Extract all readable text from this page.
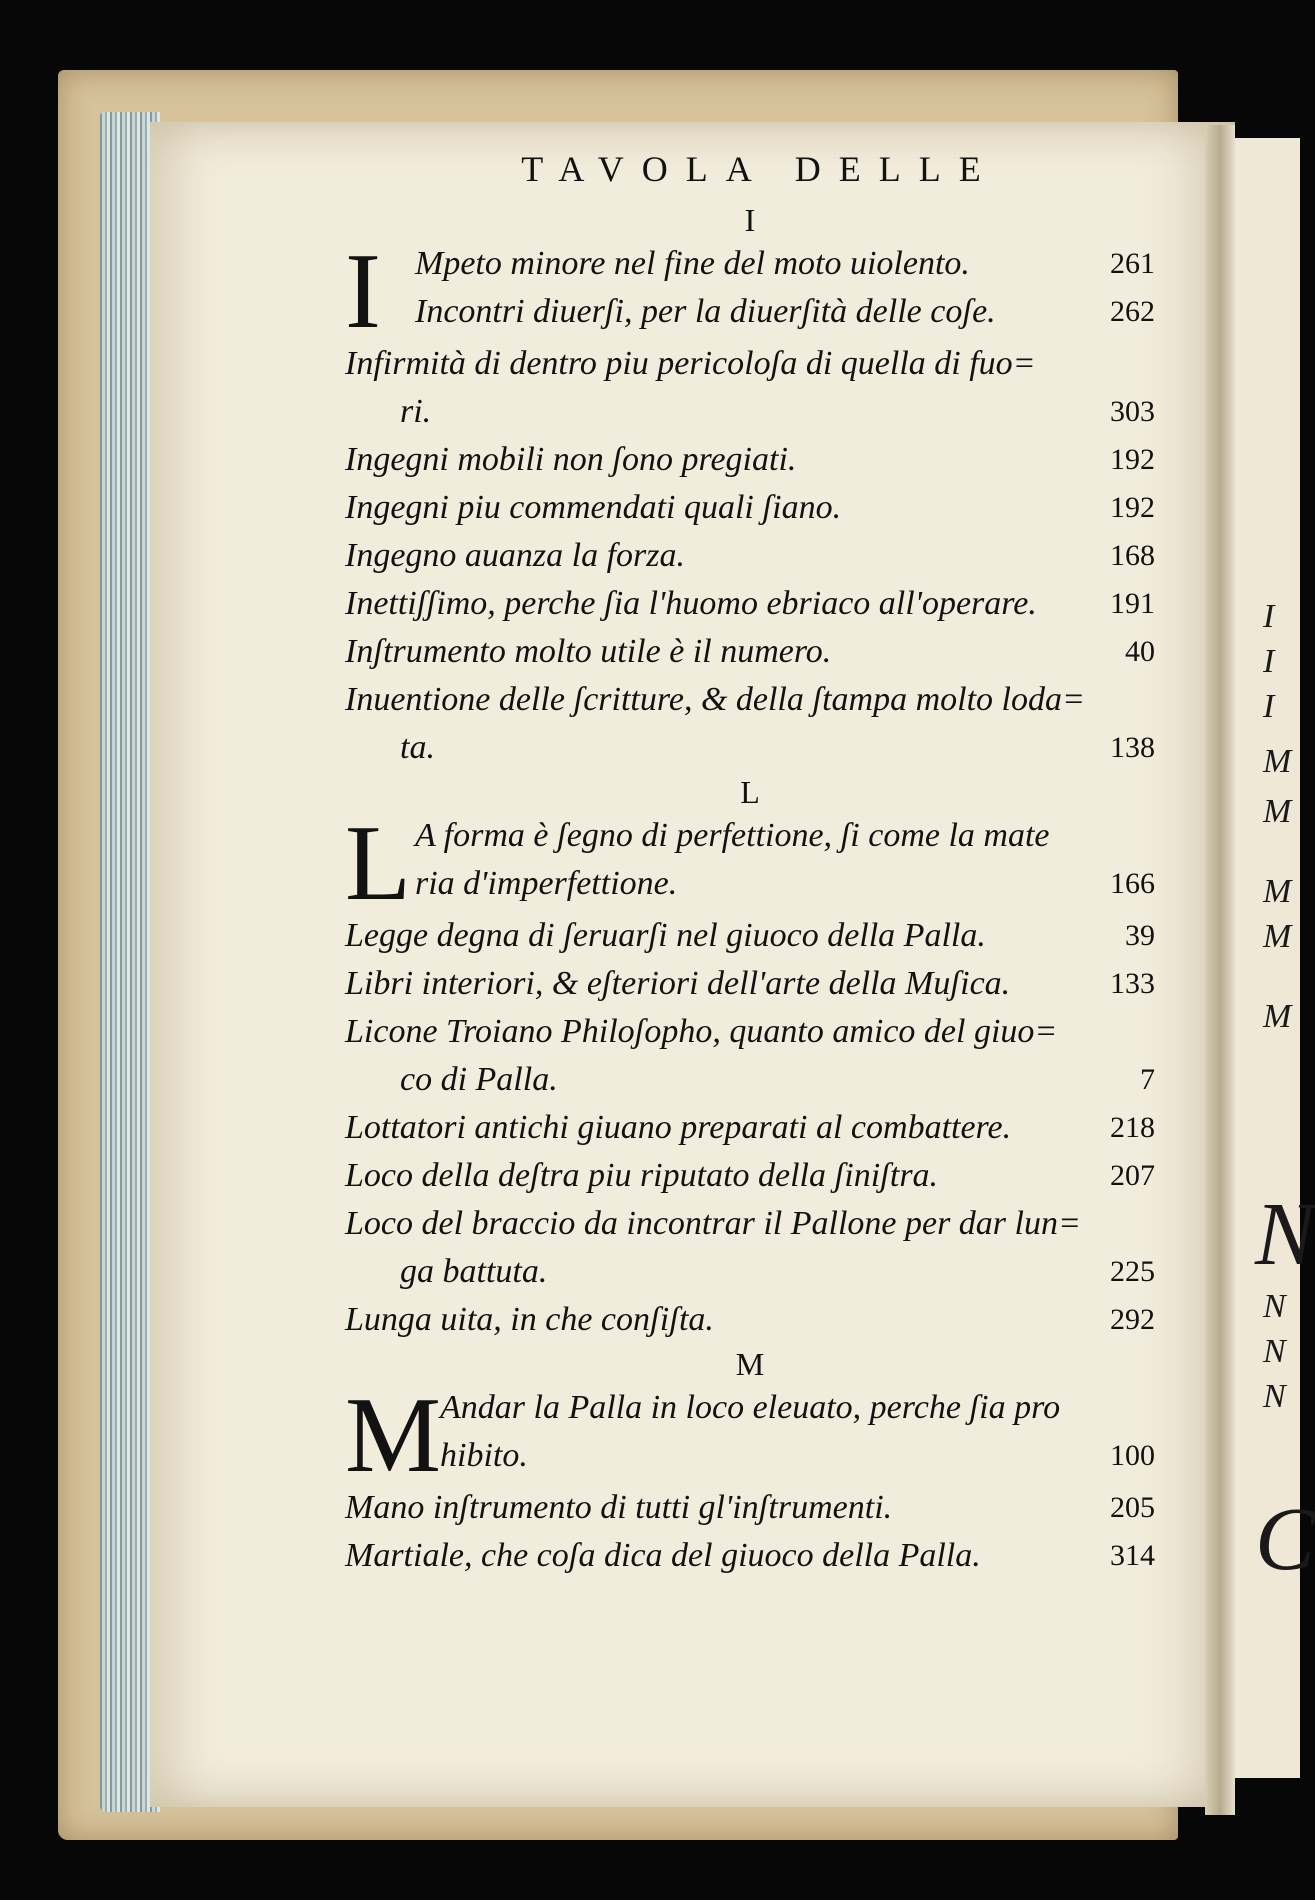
I
I
I
M
M
M
M
M
N
N
N
N
C
TAVOLA DELLE
I
I	Mpeto minore nel fine del moto uiolento.	261
Incontri diuerʃi, per la diuerʃità delle coʃe.	262
Infirmità di dentro piu pericoloʃa di quella di fuo=
ri.	303
Ingegni mobili non ʃono pregiati.	192
Ingegni piu commendati quali ʃiano.	192
Ingegno auanza la forza.	168
Inettiʃʃimo, perche ʃia l'huomo ebriaco all'operare.	191
Inʃtrumento molto utile è il numero.	40
Inuentione delle ʃcritture, & della ʃtampa molto loda=
ta.	138
L
L A forma è ʃegno di perfettione, ʃi come la mate
ria d'imperfettione.	166
Legge degna di ʃeruarʃi nel giuoco della Palla.	39
Libri interiori, & eʃteriori dell'arte della Muʃica.	133
Licone Troiano Philoʃopho, quanto amico del giuo=
co di Palla.	7
Lottatori antichi giuano preparati al combattere.	218
Loco della deʃtra piu riputato della ʃiniʃtra.	207
Loco del braccio da incontrar il Pallone per dar lun=
ga battuta.	225
Lunga uita, in che conʃiʃta.	292
M
M
Andar la Palla in loco eleuato, perche ʃia pro
hibito.	100
Mano inʃtrumento di tutti gl'inʃtrumenti.	205
Martiale, che coʃa dica del giuoco della Palla.	314
